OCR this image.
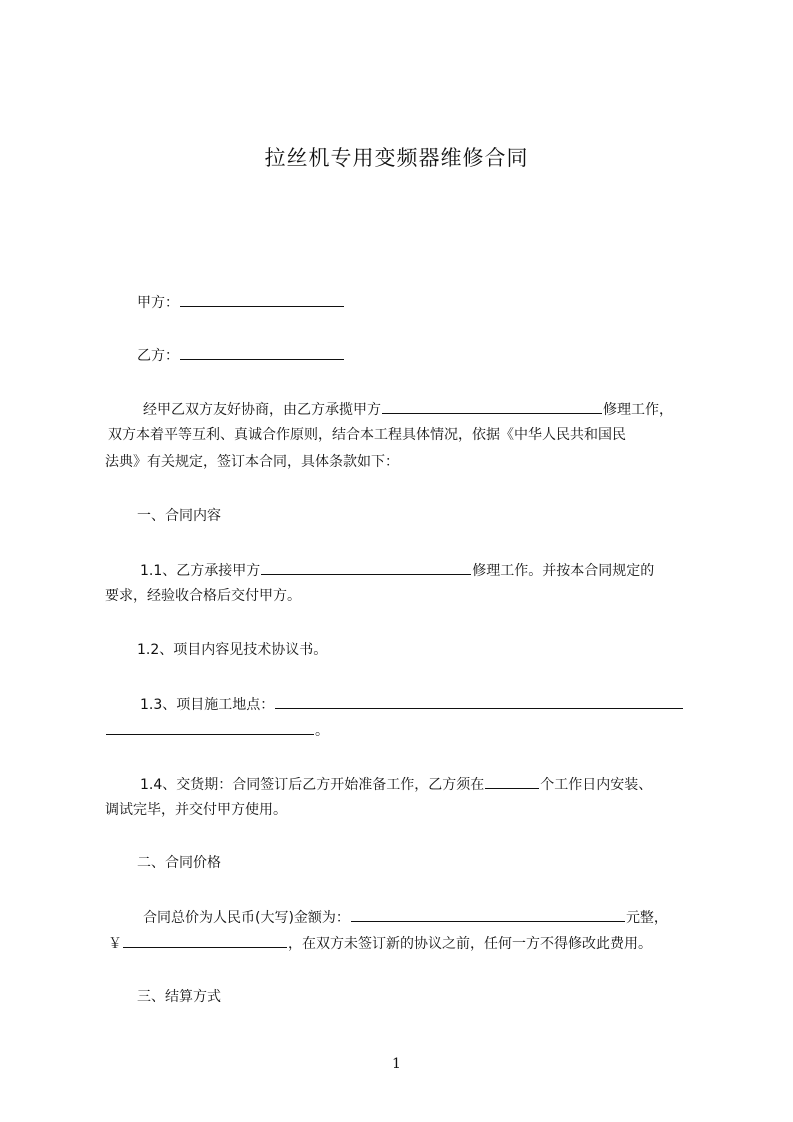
拉丝机专用变频器维修合同
甲方：
乙方：
经甲乙双方友好协商，由乙方承揽甲方	修理工作，
双方本着平等互利、真诚合作原则，结合本工程具体情况，依据《中华人民共和国民
法典》有关规定，签订本合同，具体条款如下：
一、合同内容
1.1、乙方承接甲方	修理工作。并按本合同规定的
要求，经验收合格后交付甲方。
1.2、项目内容见技术协议书。
1.3、项目施工地点：
。
1.4、交货期：合同签订后乙方开始准备工作，乙方须在	个工作日内安装、
调试完毕，并交付甲方使用。
二、合同价格
合同总价为人民币(大写)金额为：	元整，
￥	，在双方未签订新的协议之前，任何一方不得修改此费用。
三、结算方式
1
